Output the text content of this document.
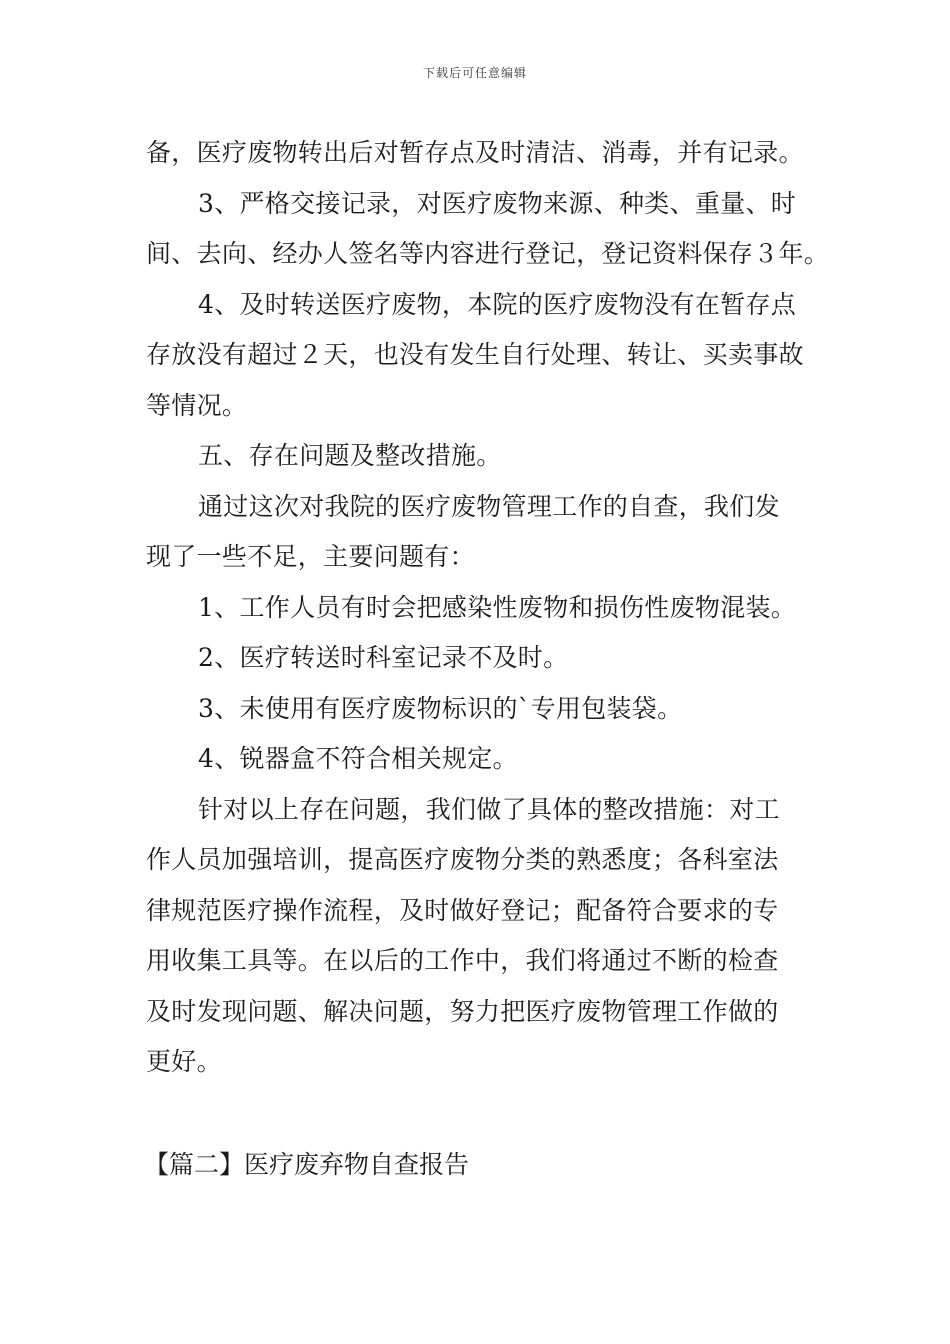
下载后可任意编辑
备，医疗废物转出后对暂存点及时清洁、消毒，并有记录。
3、严格交接记录，对医疗废物来源、种类、重量、时
间、去向、经办人签名等内容进行登记，登记资料保存３年。
4、及时转送医疗废物，本院的医疗废物没有在暂存点
存放没有超过２天，也没有发生自行处理、转让、买卖事故
等情况。
五、存在问题及整改措施。
通过这次对我院的医疗废物管理工作的自查，我们发
现了一些不足，主要问题有：
1、工作人员有时会把感染性废物和损伤性废物混装。
2、医疗转送时科室记录不及时。
3、未使用有医疗废物标识的`专用包装袋。
4、锐器盒不符合相关规定。
针对以上存在问题，我们做了具体的整改措施：对工
作人员加强培训，提高医疗废物分类的熟悉度；各科室法
律规范医疗操作流程，及时做好登记；配备符合要求的专
用收集工具等。在以后的工作中，我们将通过不断的检查
及时发现问题、解决问题，努力把医疗废物管理工作做的
更好。
【篇二】医疗废弃物自查报告
